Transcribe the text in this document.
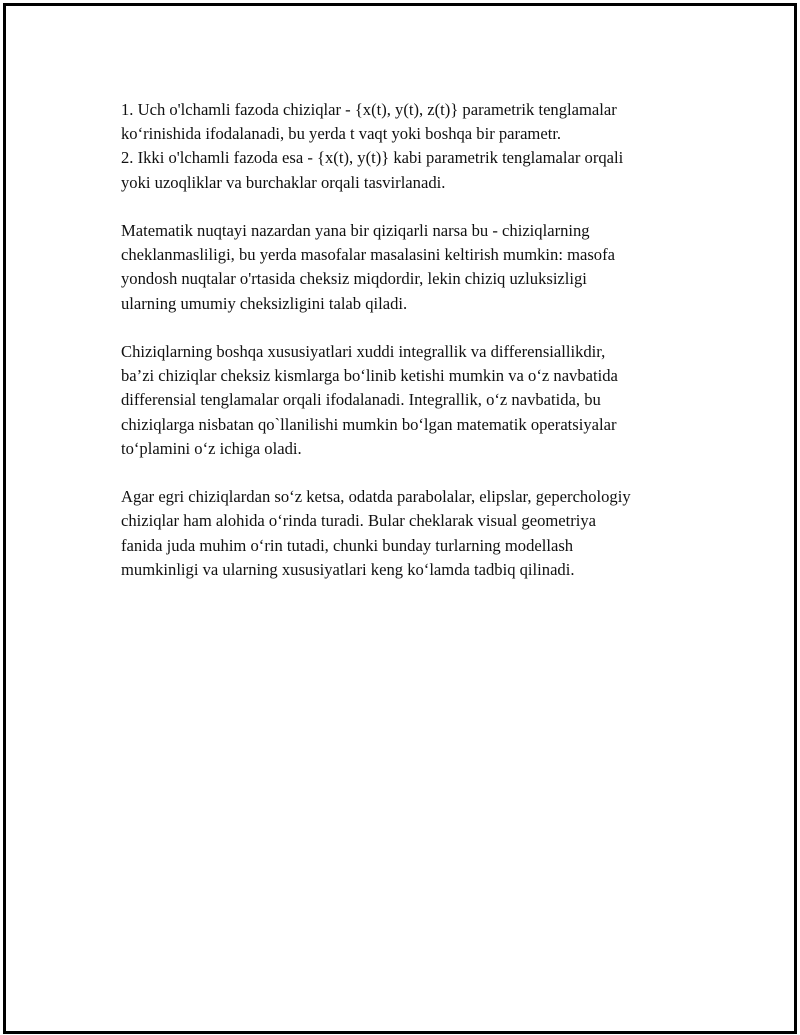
1. Uch o'lchamli fazoda chiziqlar - {x(t), y(t), z(t)} parametrik tenglamalar
ko‘rinishida ifodalanadi, bu yerda t vaqt yoki boshqa bir parametr.
2. Ikki o'lchamli fazoda esa - {x(t), y(t)} kabi parametrik tenglamalar orqali
yoki uzoqliklar va burchaklar orqali tasvirlanadi.

Matematik nuqtayi nazardan yana bir qiziqarli narsa bu - chiziqlarning
cheklanmasliligi, bu yerda masofalar masalasini keltirish mumkin: masofa
yondosh nuqtalar o'rtasida cheksiz miqdordir, lekin chiziq uzluksizligi
ularning umumiy cheksizligini talab qiladi.

Chiziqlarning boshqa xususiyatlari xuddi integrallik va differensiallikdir,
ba’zi chiziqlar cheksiz kismlarga bo‘linib ketishi mumkin va o‘z navbatida
differensial tenglamalar orqali ifodalanadi. Integrallik, o‘z navbatida, bu
chiziqlarga nisbatan qo`llanilishi mumkin bo‘lgan matematik operatsiyalar
to‘plamini o‘z ichiga oladi.

Agar egri chiziqlardan so‘z ketsa, odatda parabolalar, elipslar, geperchologiy
chiziqlar ham alohida o‘rinda turadi. Bular cheklarak visual geometriya
fanida juda muhim o‘rin tutadi, chunki bunday turlarning modellash
mumkinligi va ularning xususiyatlari keng ko‘lamda tadbiq qilinadi.
